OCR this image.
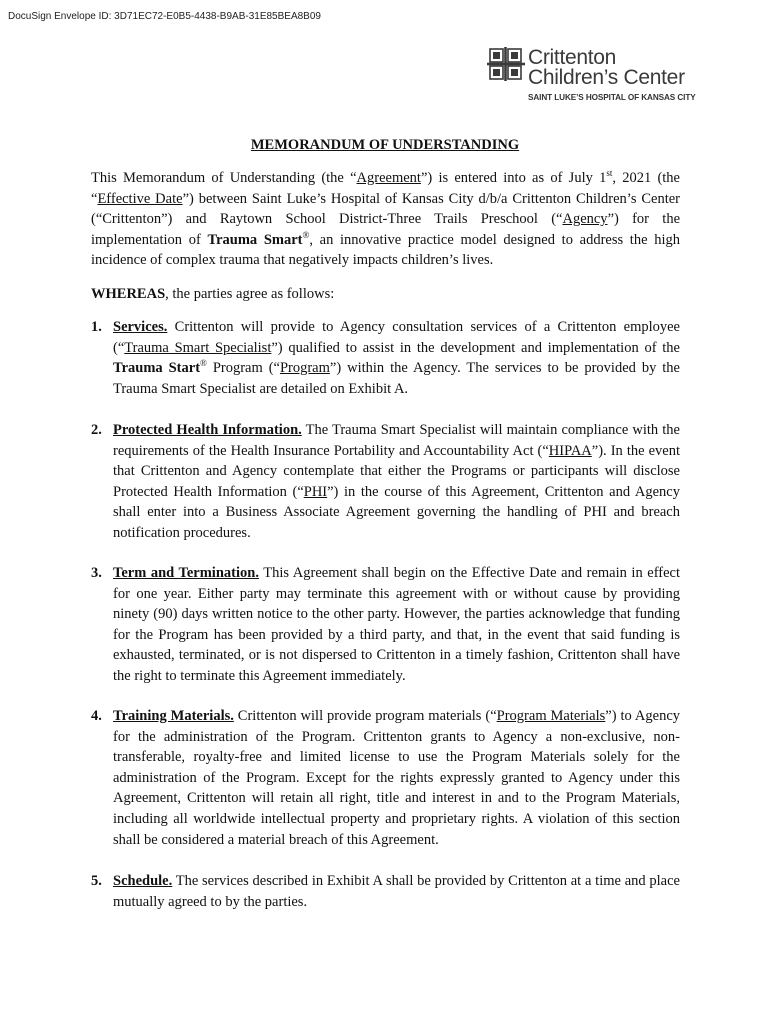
DocuSign Envelope ID: 3D71EC72-E0B5-4438-B9AB-31E85BEA8B09
Crittenton
Children’s Center
SAINT LUKE’S HOSPITAL OF KANSAS CITY
MEMORANDUM OF UNDERSTANDING
This Memorandum of Understanding (the “Agreement”) is entered into as of July 1st, 2021 (the “Effective Date”) between Saint Luke’s Hospital of Kansas City d/b/a Crittenton Children’s Center (“Crittenton”) and Raytown School District-Three Trails Preschool (“Agency”) for the implementation of Trauma Smart®, an innovative practice model designed to address the high incidence of complex trauma that negatively impacts children’s lives.
WHEREAS, the parties agree as follows:
1. Services. Crittenton will provide to Agency consultation services of a Crittenton employee (“Trauma Smart Specialist”) qualified to assist in the development and implementation of the Trauma Start® Program (“Program”) within the Agency. The services to be provided by the Trauma Smart Specialist are detailed on Exhibit A.
2. Protected Health Information. The Trauma Smart Specialist will maintain compliance with the requirements of the Health Insurance Portability and Accountability Act (“HIPAA”). In the event that Crittenton and Agency contemplate that either the Programs or participants will disclose Protected Health Information (“PHI”) in the course of this Agreement, Crittenton and Agency shall enter into a Business Associate Agreement governing the handling of PHI and breach notification procedures.
3. Term and Termination. This Agreement shall begin on the Effective Date and remain in effect for one year. Either party may terminate this agreement with or without cause by providing ninety (90) days written notice to the other party. However, the parties acknowledge that funding for the Program has been provided by a third party, and that, in the event that said funding is exhausted, terminated, or is not dispersed to Crittenton in a timely fashion, Crittenton shall have the right to terminate this Agreement immediately.
4. Training Materials. Crittenton will provide program materials (“Program Materials”) to Agency for the administration of the Program. Crittenton grants to Agency a non-exclusive, non-transferable, royalty-free and limited license to use the Program Materials solely for the administration of the Program. Except for the rights expressly granted to Agency under this Agreement, Crittenton will retain all right, title and interest in and to the Program Materials, including all worldwide intellectual property and proprietary rights. A violation of this section shall be considered a material breach of this Agreement.
5. Schedule. The services described in Exhibit A shall be provided by Crittenton at a time and place mutually agreed to by the parties.
